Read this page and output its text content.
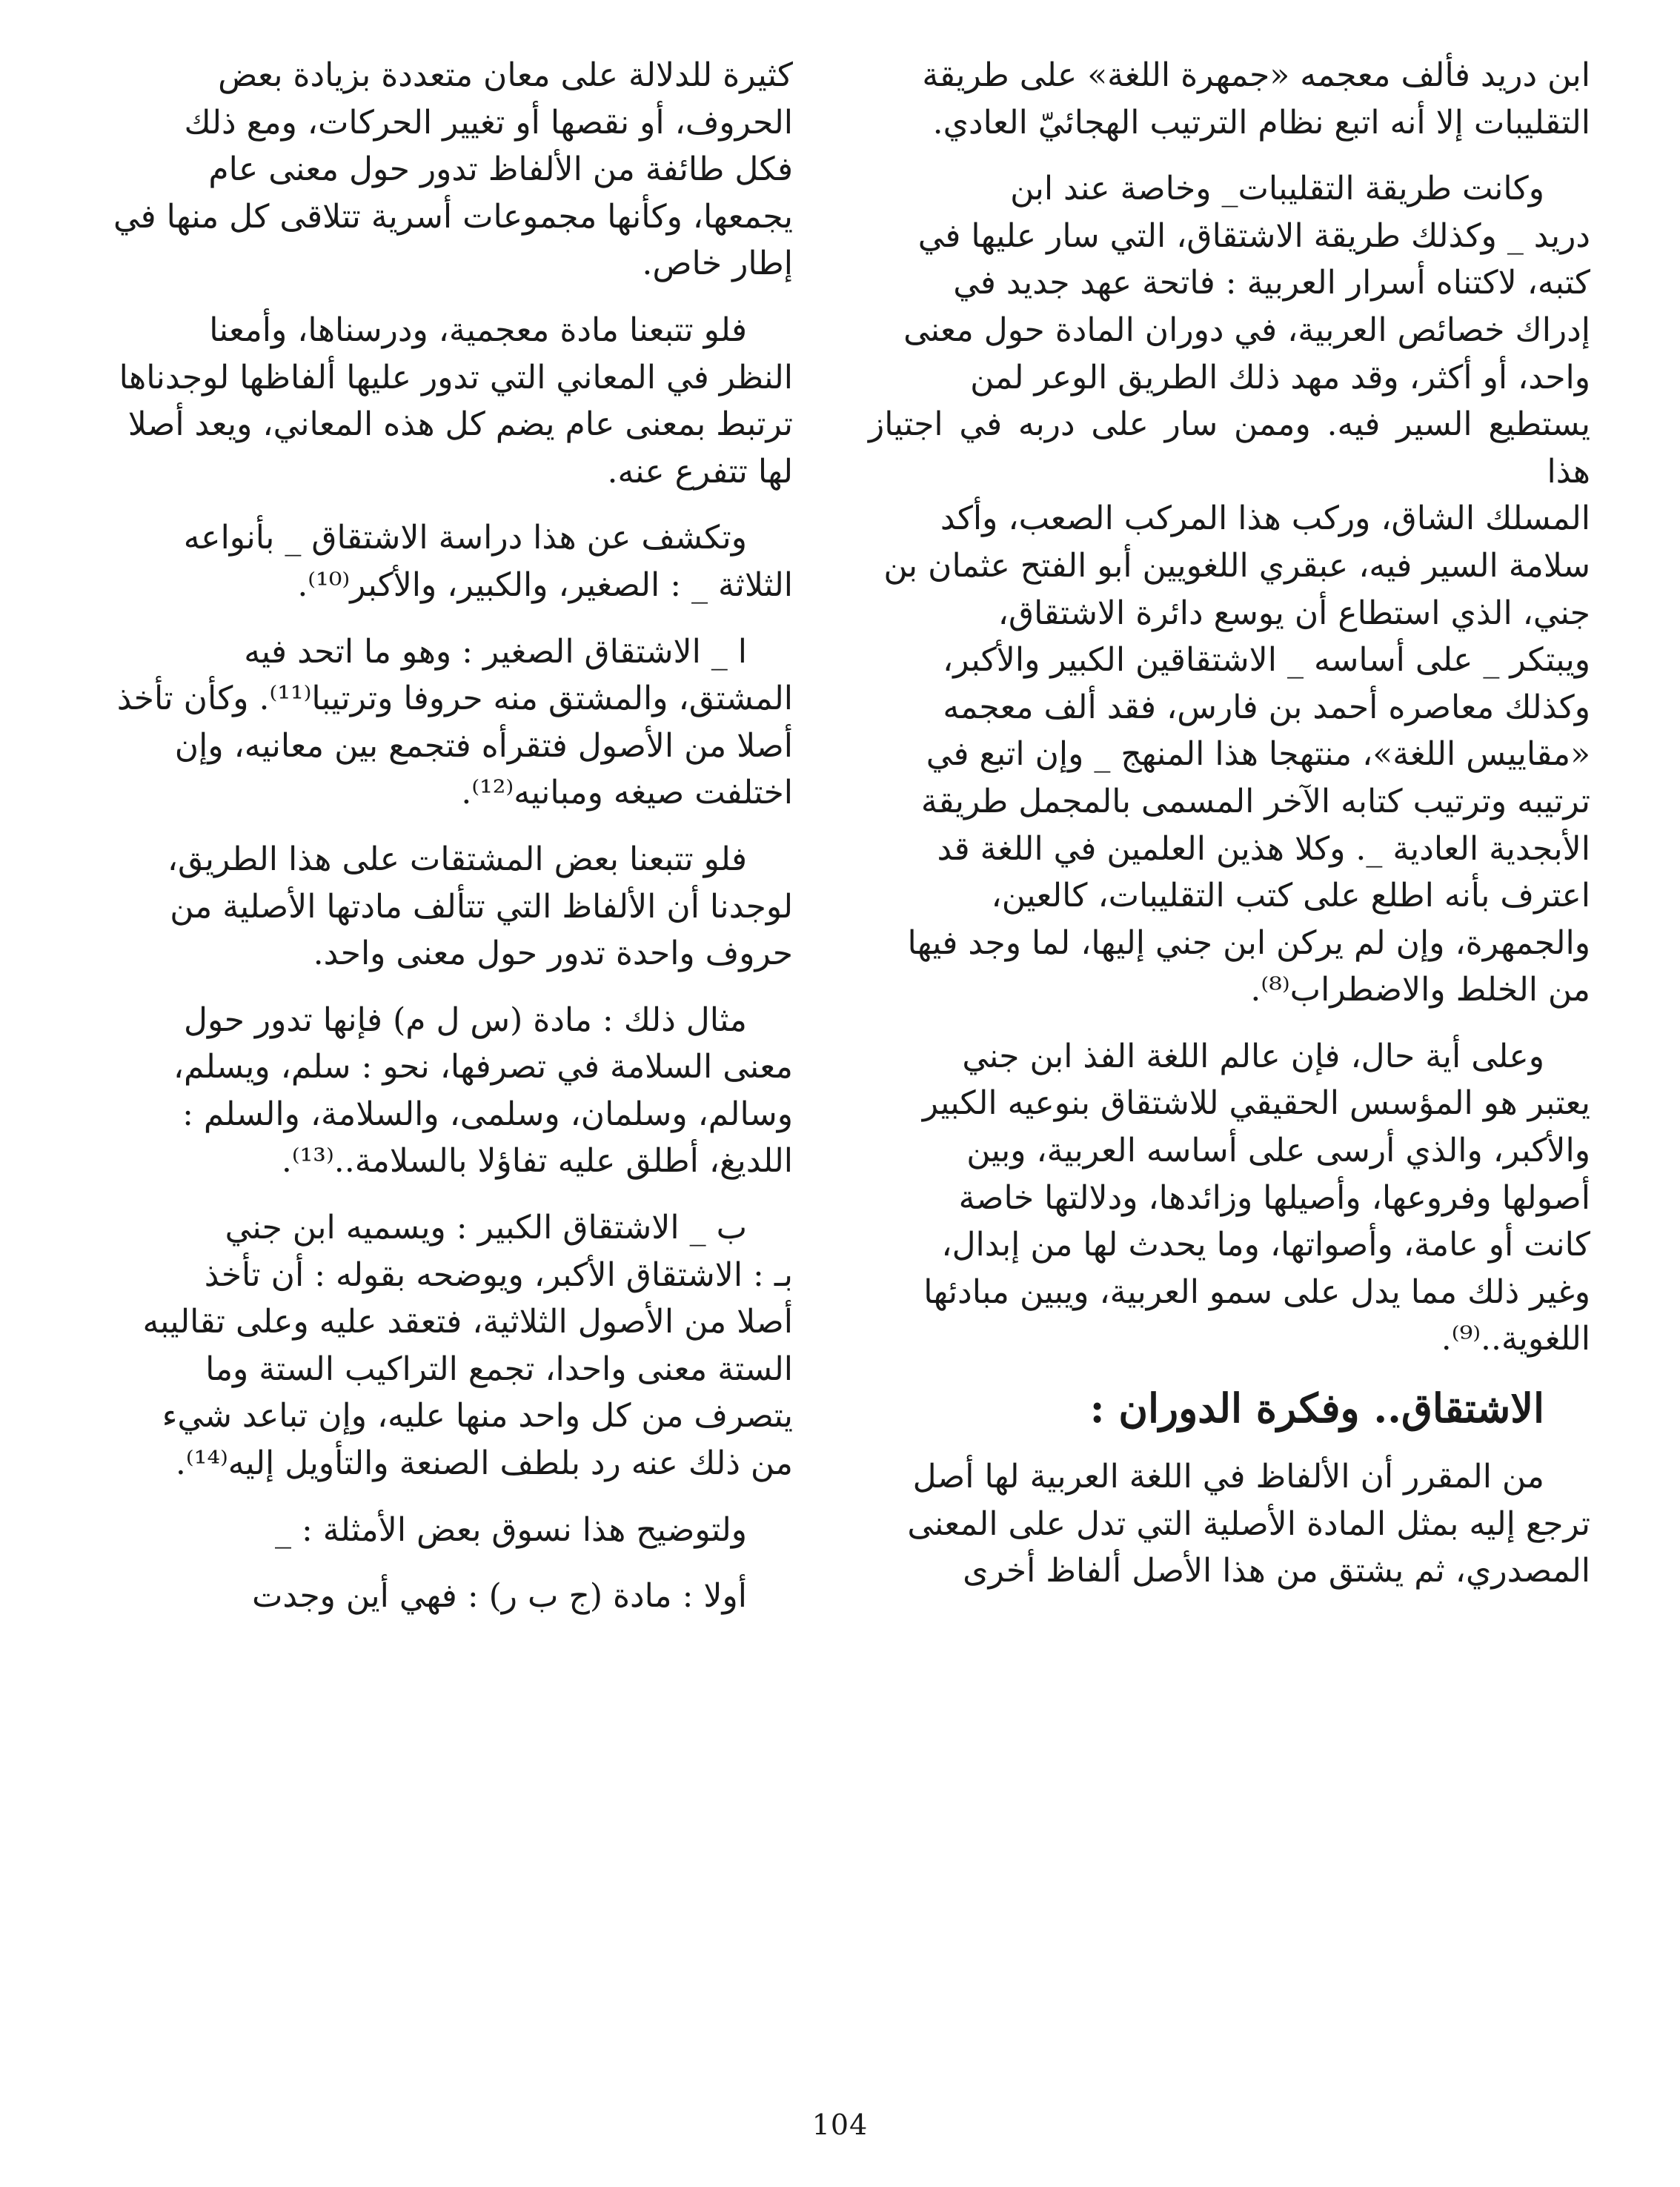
ابن دريد فألف معجمه «جمهرة اللغة» على طريقة
التقليبات إلا أنه اتبع نظام الترتيب الهجائيّ العادي.

وكانت طريقة التقليبات_ وخاصة عند ابن
دريد _ وكذلك طريقة الاشتقاق، التي سار عليها في
كتبه، لاكتناه أسرار العربية : فاتحة عهد جديد في
إدراك خصائص العربية، في دوران المادة حول معنى
واحد، أو أكثر، وقد مهد ذلك الطريق الوعر لمن
يستطيع السير فيه. وممن سار على دربه في اجتياز هذا
المسلك الشاق، وركب هذا المركب الصعب، وأكد
سلامة السير فيه، عبقري اللغويين أبو الفتح عثمان بن
جني، الذي استطاع أن يوسع دائرة الاشتقاق،
ويبتكر _ على أساسه _ الاشتقاقين الكبير والأكبر،
وكذلك معاصره أحمد بن فارس، فقد ألف معجمه
«مقاييس اللغة»، منتهجا هذا المنهج _ وإن اتبع في
ترتيبه وترتيب كتابه الآخر المسمى بالمجمل طريقة
الأبجدية العادية _. وكلا هذين العلمين في اللغة قد
اعترف بأنه اطلع على كتب التقليبات، كالعين،
والجمهرة، وإن لم يركن ابن جني إليها، لما وجد فيها
من الخلط والاضطراب⁽⁸⁾.

وعلى أية حال، فإن عالم اللغة الفذ ابن جني
يعتبر هو المؤسس الحقيقي للاشتقاق بنوعيه الكبير
والأكبر، والذي أرسى على أساسه العربية، وبين
أصولها وفروعها، وأصيلها وزائدها، ودلالتها خاصة
كانت أو عامة، وأصواتها، وما يحدث لها من إبدال،
وغير ذلك مما يدل على سمو العربية، ويبين مبادئها
اللغوية..⁽⁹⁾.

الاشتقاق.. وفكرة الدوران :

من المقرر أن الألفاظ في اللغة العربية لها أصل
ترجع إليه بمثل المادة الأصلية التي تدل على المعنى
المصدري، ثم يشتق من هذا الأصل ألفاظ أخرى

كثيرة للدلالة على معان متعددة بزيادة بعض
الحروف، أو نقصها أو تغيير الحركات، ومع ذلك
فكل طائفة من الألفاظ تدور حول معنى عام
يجمعها، وكأنها مجموعات أسرية تتلاقى كل منها في
إطار خاص.

فلو تتبعنا مادة معجمية، ودرسناها، وأمعنا
النظر في المعاني التي تدور عليها ألفاظها لوجدناها
ترتبط بمعنى عام يضم كل هذه المعاني، ويعد أصلا
لها تتفرع عنه.

وتكشف عن هذا دراسة الاشتقاق _ بأنواعه
الثلاثة _ : الصغير، والكبير، والأكبر⁽¹⁰⁾.

ا _ الاشتقاق الصغير : وهو ما اتحد فيه
المشتق، والمشتق منه حروفا وترتيبا⁽¹¹⁾. وكأن تأخذ
أصلا من الأصول فتقرأه فتجمع بين معانيه، وإن
اختلفت صيغه ومبانيه⁽¹²⁾.

فلو تتبعنا بعض المشتقات على هذا الطريق،
لوجدنا أن الألفاظ التي تتألف مادتها الأصلية من
حروف واحدة تدور حول معنى واحد.

مثال ذلك : مادة (س ل م) فإنها تدور حول
معنى السلامة في تصرفها، نحو : سلم، ويسلم،
وسالم، وسلمان، وسلمى، والسلامة، والسلم :
اللديغ، أطلق عليه تفاؤلا بالسلامة..⁽¹³⁾.

ب _ الاشتقاق الكبير : ويسميه ابن جني
بـ : الاشتقاق الأكبر، ويوضحه بقوله : أن تأخذ
أصلا من الأصول الثلاثية، فتعقد عليه وعلى تقاليبه
الستة معنى واحدا، تجمع التراكيب الستة وما
يتصرف من كل واحد منها عليه، وإن تباعد شيء
من ذلك عنه رد بلطف الصنعة والتأويل إليه⁽¹⁴⁾.

ولتوضيح هذا نسوق بعض الأمثلة : _

أولا : مادة (ج ب ر) : فهي أين وجدت

104
